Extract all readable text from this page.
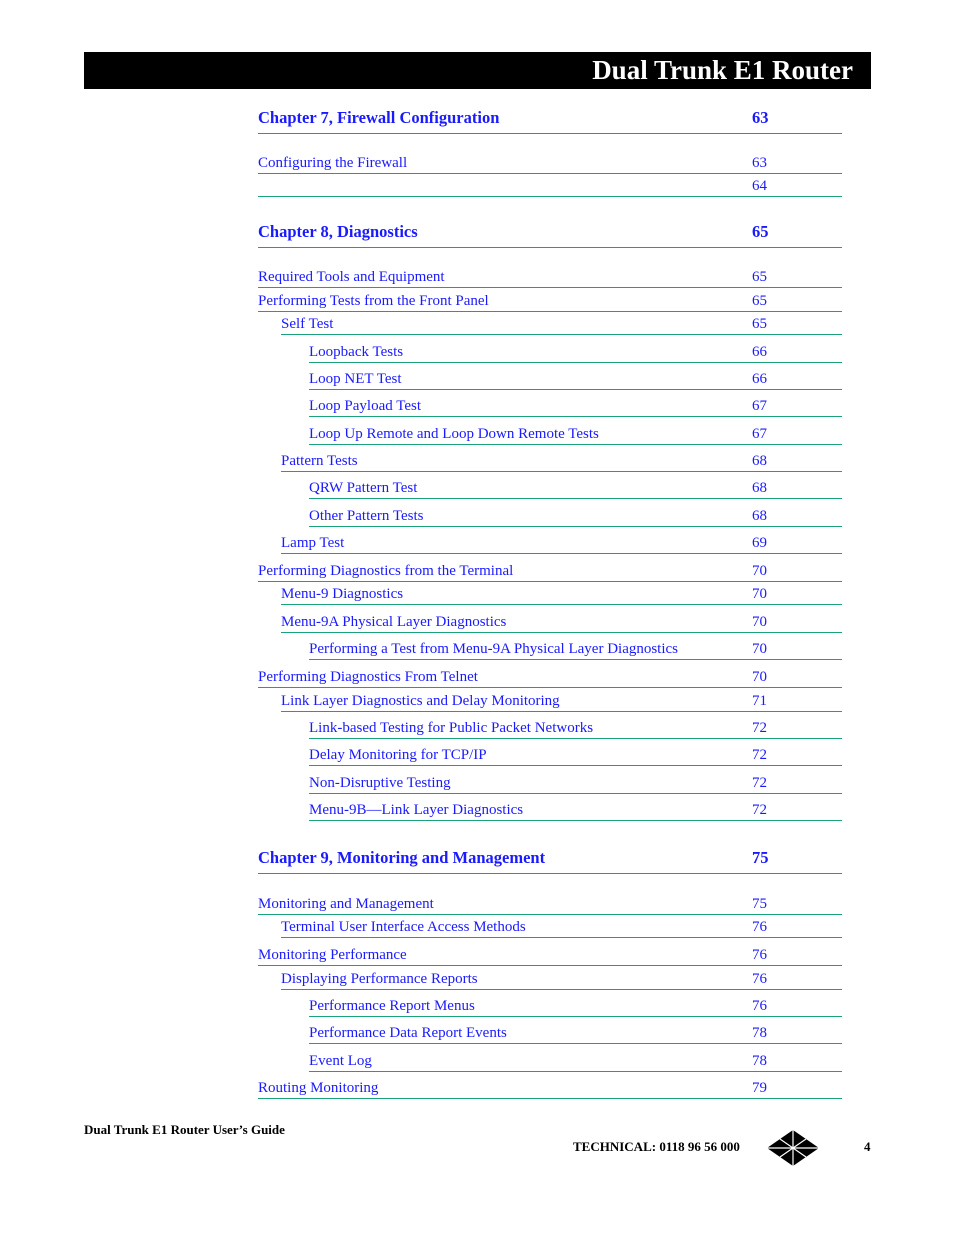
Dual Trunk E1 Router
Chapter 7, Firewall Configuration	63
Configuring the Firewall	63
64
Chapter 8, Diagnostics	65
Required Tools and Equipment	65
Performing Tests from the Front Panel	65
Self Test	65
Loopback Tests	66
Loop NET Test	66
Loop Payload Test	67
Loop Up Remote and Loop Down Remote Tests	67
Pattern Tests	68
QRW Pattern Test	68
Other Pattern Tests	68
Lamp Test	69
Performing Diagnostics from the Terminal	70
Menu-9 Diagnostics	70
Menu-9A Physical Layer Diagnostics	70
Performing a Test from Menu-9A Physical Layer Diagnostics	70
Performing Diagnostics From Telnet	70
Link Layer Diagnostics and Delay Monitoring	71
Link-based Testing for Public Packet Networks	72
Delay Monitoring for TCP/IP	72
Non-Disruptive Testing	72
Menu-9B—Link Layer Diagnostics	72
Chapter 9, Monitoring and Management	75
Monitoring and Management	75
Terminal User Interface Access Methods	76
Monitoring Performance	76
Displaying Performance Reports	76
Performance Report Menus	76
Performance Data Report Events	78
Event Log	78
Routing Monitoring	79
Dual Trunk E1 Router User’s Guide
TECHNICAL: 0118 96 56 000	4
